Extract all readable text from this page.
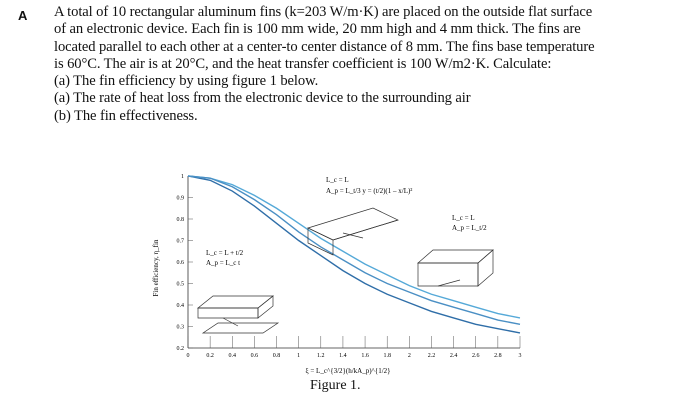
A A total of 10 rectangular aluminum fins (k=203 W/m·K) are placed on the outside flat surface

of an electronic device. Each fin is 100 mm wide, 20 mm high and 4 mm thick. The fins are

located parallel to each other at a center-to center distance of 8 mm. The fins base temperature

is 60°C. The air is at 20°C, and the heat transfer coefficient is 100 W/m2·K. Calculate:

(a) The fin efficiency by using figure 1 below.

(a) The rate of heat loss from the electronic device to the surrounding air

(b) The fin effectiveness.

0	0.2 0.4 0.6 0.8	1	1.2 1.4 1.6 1.8	2	2.2 2.4 2.6 2.8	3
0.2
0.3
0.4
0.5
0.6
0.7
0.8
0.9
1
Fin efficiency, η_fin
L_c = L
A_p = L_t/3 y = (t/2)(1 – x/L)²
L_c = L
A_p = L_t/2
L_c = L + t/2
A_p = L_c t
ξ = L_c^{3/2}(h/kA_p)^{1/2}
Figure 1.
